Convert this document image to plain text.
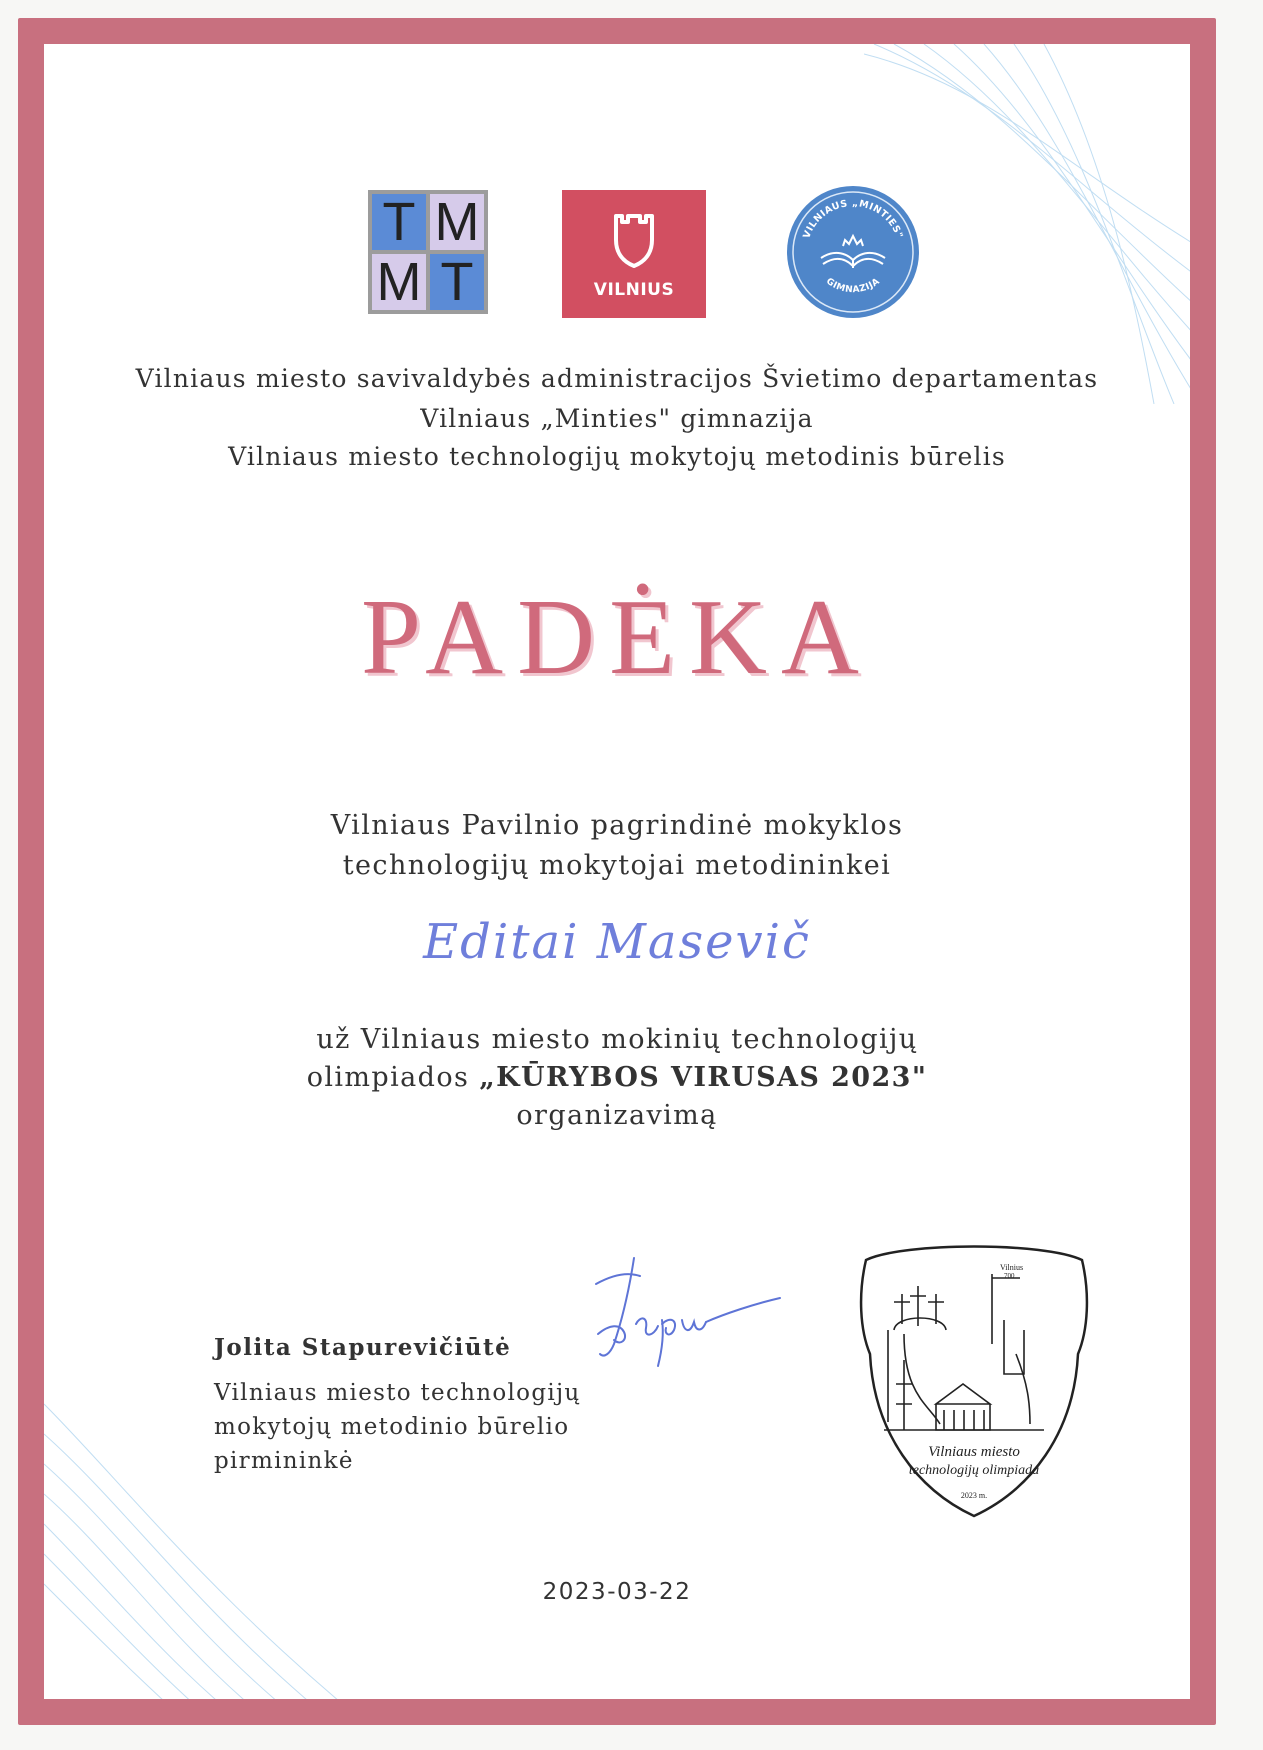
T M
M T	VILNIUS
VILNIAUS „MINTIES"
GIMNAZIJA
Vilniaus miesto savivaldybės administracijos Švietimo departamentas
Vilniaus „Minties" gimnazija
Vilniaus miesto technologijų mokytojų metodinis būrelis
PADĖKA
Vilniaus Pavilnio pagrindinė mokyklos
technologijų mokytojai metodininkei
Editai Masevič
už Vilniaus miesto mokinių technologijų
olimpiados „KŪRYBOS VIRUSAS 2023"
organizavimą
Jolita Stapurevičiūtė
Vilniaus miesto technologijų
mokytojų metodinio būrelio
pirmininkė
Vilnius
700
Vilniaus miesto
technologijų olimpiada
2023 m.
2023-03-22
